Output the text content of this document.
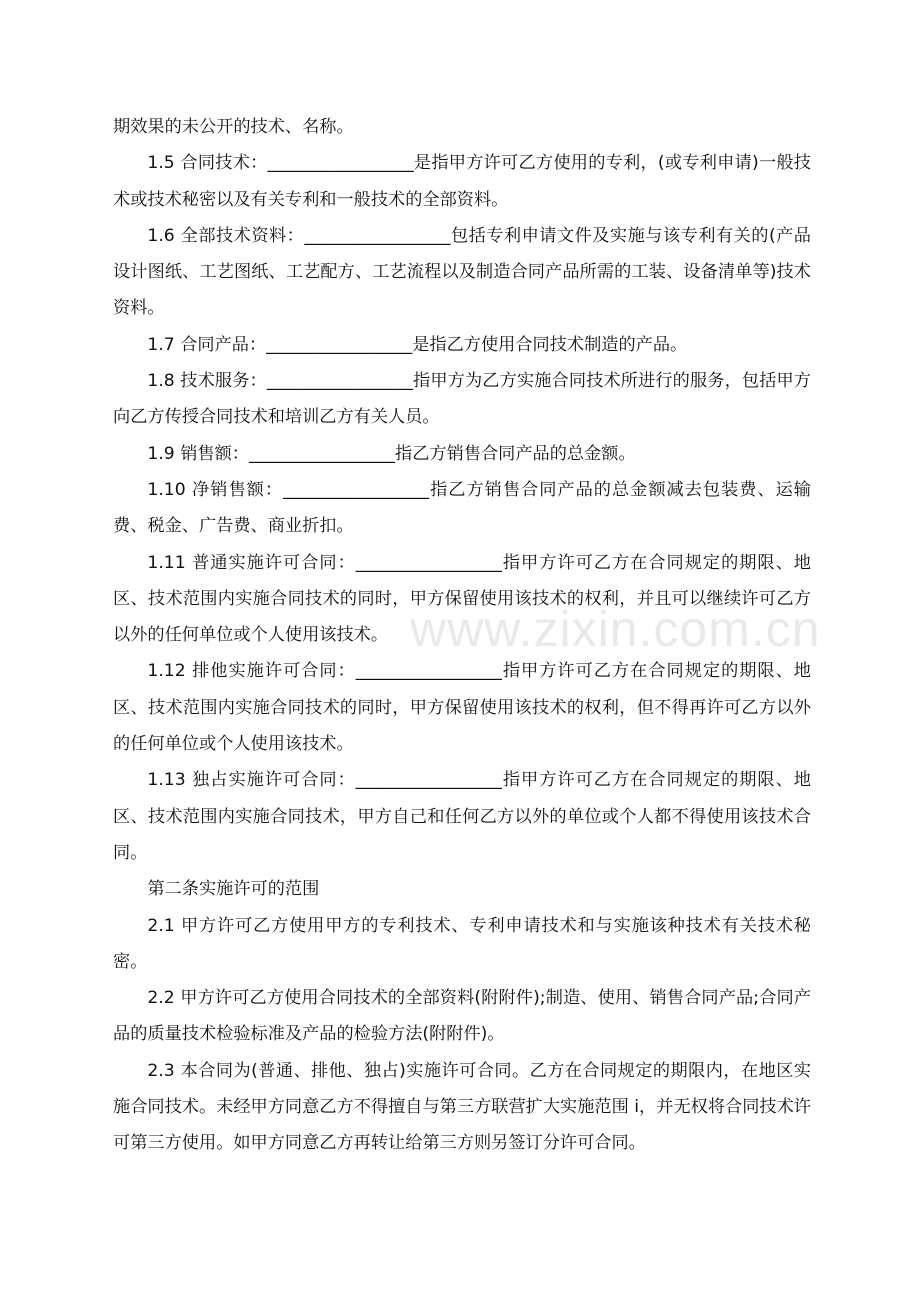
期效果的未公开的技术、名称。

1.5 合同技术：_________________是指甲方许可乙方使用的专利，(或专利申请)一般技术或技术秘密以及有关专利和一般技术的全部资料。

1.6 全部技术资料：_________________包括专利申请文件及实施与该专利有关的(产品设计图纸、工艺图纸、工艺配方、工艺流程以及制造合同产品所需的工装、设备清单等)技术资料。

1.7 合同产品：_________________是指乙方使用合同技术制造的产品。

1.8 技术服务：_________________指甲方为乙方实施合同技术所进行的服务，包括甲方向乙方传授合同技术和培训乙方有关人员。

1.9 销售额：_________________指乙方销售合同产品的总金额。

1.10 净销售额：_________________指乙方销售合同产品的总金额减去包装费、运输费、税金、广告费、商业折扣。

1.11 普通实施许可合同：_________________指甲方许可乙方在合同规定的期限、地区、技术范围内实施合同技术的同时，甲方保留使用该技术的权利，并且可以继续许可乙方以外的任何单位或个人使用该技术。

1.12 排他实施许可合同：_________________指甲方许可乙方在合同规定的期限、地区、技术范围内实施合同技术的同时，甲方保留使用该技术的权利，但不得再许可乙方以外的任何单位或个人使用该技术。

1.13 独占实施许可合同：_________________指甲方许可乙方在合同规定的期限、地区、技术范围内实施合同技术，甲方自己和任何乙方以外的单位或个人都不得使用该技术合同。

第二条实施许可的范围

2.1 甲方许可乙方使用甲方的专利技术、专利申请技术和与实施该种技术有关技术秘密。

2.2 甲方许可乙方使用合同技术的全部资料(附附件);制造、使用、销售合同产品;合同产品的质量技术检验标准及产品的检验方法(附附件)。

2.3 本合同为(普通、排他、独占)实施许可合同。乙方在合同规定的期限内，在地区实施合同技术。未经甲方同意乙方不得擅自与第三方联营扩大实施范围 i，并无权将合同技术许可第三方使用。如甲方同意乙方再转让给第三方则另签订分许可合同。

www.zixin.com.cn
